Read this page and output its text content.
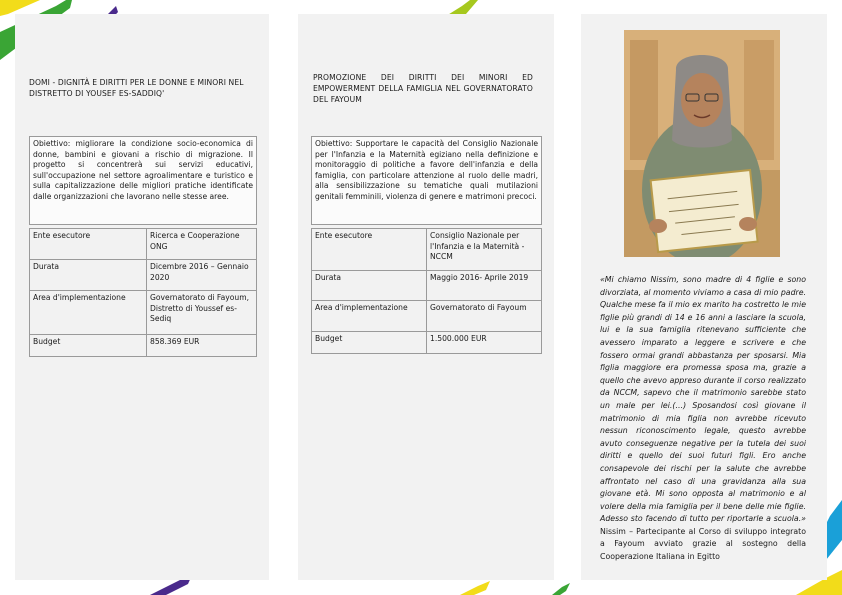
DOMI - DIGNITÀ E DIRITTI PER LE DONNE E MINORI NEL DISTRETTO DI YOUSEF ES-SADDIQ'
Obiettivo: migliorare la condizione socio-economica di donne, bambini e giovani a rischio di migrazione. Il progetto si concentrerà sui servizi educativi, sull'occupazione nel settore agroalimentare e turistico e sulla capitalizzazione delle migliori pratiche identificate dalle organizzazioni che lavorano nelle stesse aree.
Ente esecutore	Ricerca e Cooperazione ONG
Durata	Dicembre 2016 – Gennaio 2020
Area d'implementazione	Governatorato di Fayoum, Distretto di Youssef es-Sediq
Budget	858.369 EUR
PROMOZIONE DEI DIRITTI DEI MINORI ED EMPOWERMENT DELLA FAMIGLIA NEL GOVERNATORATO DEL FAYOUM
Obiettivo: Supportare le capacità del Consiglio Nazionale per l'Infanzia e la Maternità egiziano nella definizione e monitoraggio di politiche a favore dell'infanzia e della famiglia, con particolare attenzione al ruolo delle madri, alla sensibilizzazione su tematiche quali mutilazioni genitali femminili, violenza di genere e matrimoni precoci.
Ente esecutore	Consiglio Nazionale per l'Infanzia e la Maternità - NCCM
Durata	Maggio 2016- Aprile 2019
Area d'implementazione	Governatorato di Fayoum
Budget	1.500.000 EUR
«Mi chiamo Nissim, sono madre di 4 figlie e sono divorziata, al momento viviamo a casa di mio padre. Qualche mese fa il mio ex marito ha costretto le mie figlie più grandi di 14 e 16 anni a lasciare la scuola, lui e la sua famiglia ritenevano sufficiente che avessero imparato a leggere e scrivere e che fossero ormai grandi abbastanza per sposarsi. Mia figlia maggiore era promessa sposa ma, grazie a quello che avevo appreso durante il corso realizzato da NCCM, sapevo che il matrimonio sarebbe stato un male per lei.(…) Sposandosi così giovane il matrimonio di mia figlia non avrebbe ricevuto nessun riconoscimento legale, questo avrebbe avuto conseguenze negative per la tutela dei suoi diritti e quello dei suoi futuri figli. Ero anche consapevole dei rischi per la salute che avrebbe affrontato nel caso di una gravidanza alla sua giovane età. Mi sono opposta al matrimonio e al volere della mia famiglia per il bene delle mie figlie. Adesso sto facendo di tutto per riportarle a scuola.» Nissim – Partecipante al Corso di sviluppo integrato a Fayoum avviato grazie al sostegno della Cooperazione Italiana in Egitto
